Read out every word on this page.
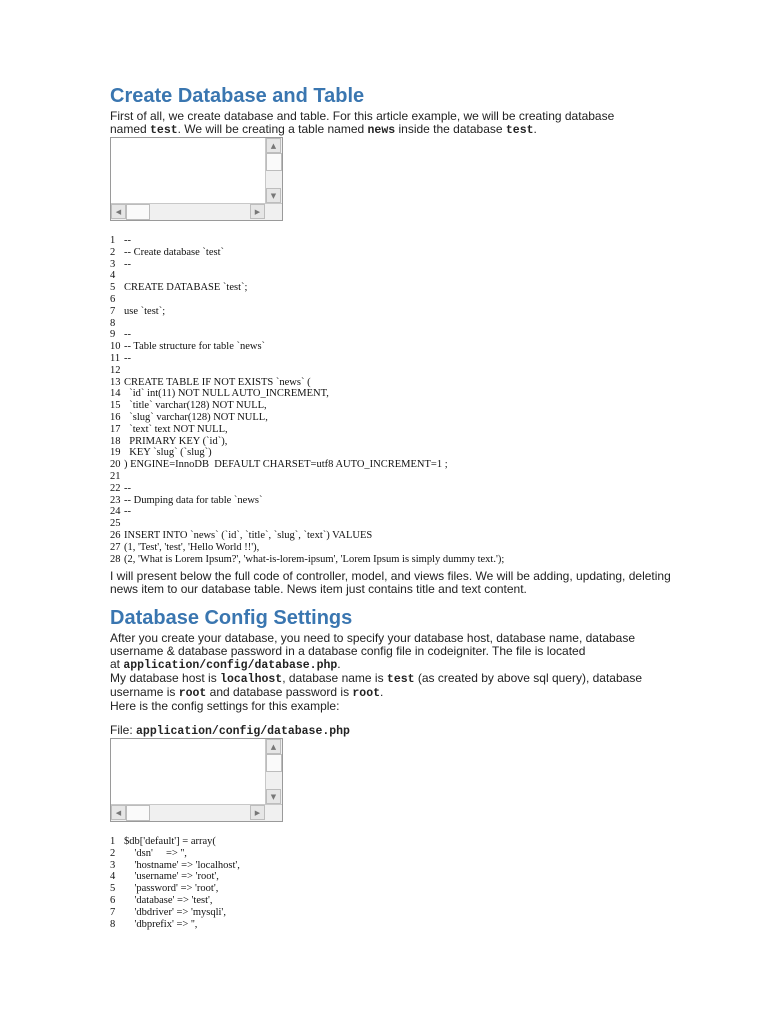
Create Database and Table
First of all, we create database and table. For this article example, we will be creating database
named test. We will be creating a table named news inside the database test.
▲
▼
◀	▶
1 --
2 -- Create database `test`
3 --
4
5 CREATE DATABASE `test`;
6
7 use `test`;
8
9 --
10 -- Table structure for table `news`
11 --
12
13 CREATE TABLE IF NOT EXISTS `news` (
14  `id` int(11) NOT NULL AUTO_INCREMENT,
15  `title` varchar(128) NOT NULL,
16  `slug` varchar(128) NOT NULL,
17  `text` text NOT NULL,
18  PRIMARY KEY (`id`),
19  KEY `slug` (`slug`)
20 ) ENGINE=InnoDB  DEFAULT CHARSET=utf8 AUTO_INCREMENT=1 ;
21
22 --
23 -- Dumping data for table `news`
24 --
25
26 INSERT INTO `news` (`id`, `title`, `slug`, `text`) VALUES
27 (1, 'Test', 'test', 'Hello World !!'),
28 (2, 'What is Lorem Ipsum?', 'what-is-lorem-ipsum', 'Lorem Ipsum is simply dummy text.');
I will present below the full code of controller, model, and views files. We will be adding, updating, deleting
news item to our database table. News item just contains title and text content.
Database Config Settings
After you create your database, you need to specify your database host, database name, database
username & database password in a database config file in codeigniter. The file is located
at application/config/database.php.
My database host is localhost, database name is test (as created by above sql query), database
username is root and database password is root.
Here is the config settings for this example:
File: application/config/database.php
▲
▼
◀	▶
1 $db['default'] = array(
2    'dsn'     => '',
3    'hostname' => 'localhost',
4    'username' => 'root',
5    'password' => 'root',
6    'database' => 'test',
7    'dbdriver' => 'mysqli',
8    'dbprefix' => '',
